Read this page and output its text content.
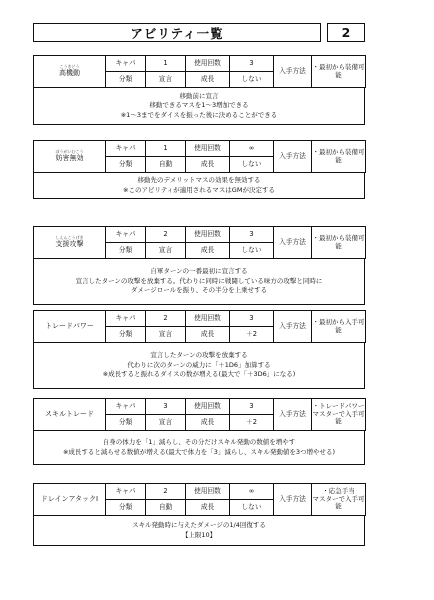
アビリティ一覧	2
こうきどう
高機動	キャパ	1	使用回数	3	入手方法	・最初から装備可能
	分類	宣言	成長	しない		
移動前に宣言
移動できるマスを1～3増加できる
※1～3までをダイスを振った後に決めることができる
ぼうがいむこう
妨害無効	キャパ	1	使用回数	∞	入手方法	・最初から装備可能
	分類	自動	成長	しない		
移動先のデメリットマスの効果を無効する
※このアビリティが適用されるマスはGMが決定する
しえんこうげき
支援攻撃	キャパ	2	使用回数	3	入手方法	・最初から装備可能
	分類	宣言	成長	しない		
自軍ターンの一番最初に宣言する
宣言したターンの攻撃を放棄する。代わりに同時に戦闘している味方の攻撃と同時に
ダメージロールを振り、その半分を上乗せする
トレードパワー	キャパ	2	使用回数	3	入手方法	・最初から入手可能
	分類	宣言	成長	＋2		
宣言したターンの攻撃を放棄する
代わりに次のターンの威力に「＋1D6」加算する
※成長すると振れるダイスの数が増える(最大で「＋3D6」になる)
スキルトレード	キャパ	3	使用回数	3	入手方法	・トレードパワー
マスターで入手可能
	分類	宣言	成長	＋2		
自身の体力を「1」減らし、その分だけスキル発動の数値を増やす
※成長すると減らせる数値が増える(最大で体力を「3」減らし、スキル発動値を3つ増やせる)
ドレインアタックⅠ	キャパ	2	使用回数	∞	入手方法	・応急手当
マスターで入手可能
	分類	自動	成長	しない		
スキル発動時に与えたダメージの1/4回復する
【上限10】
